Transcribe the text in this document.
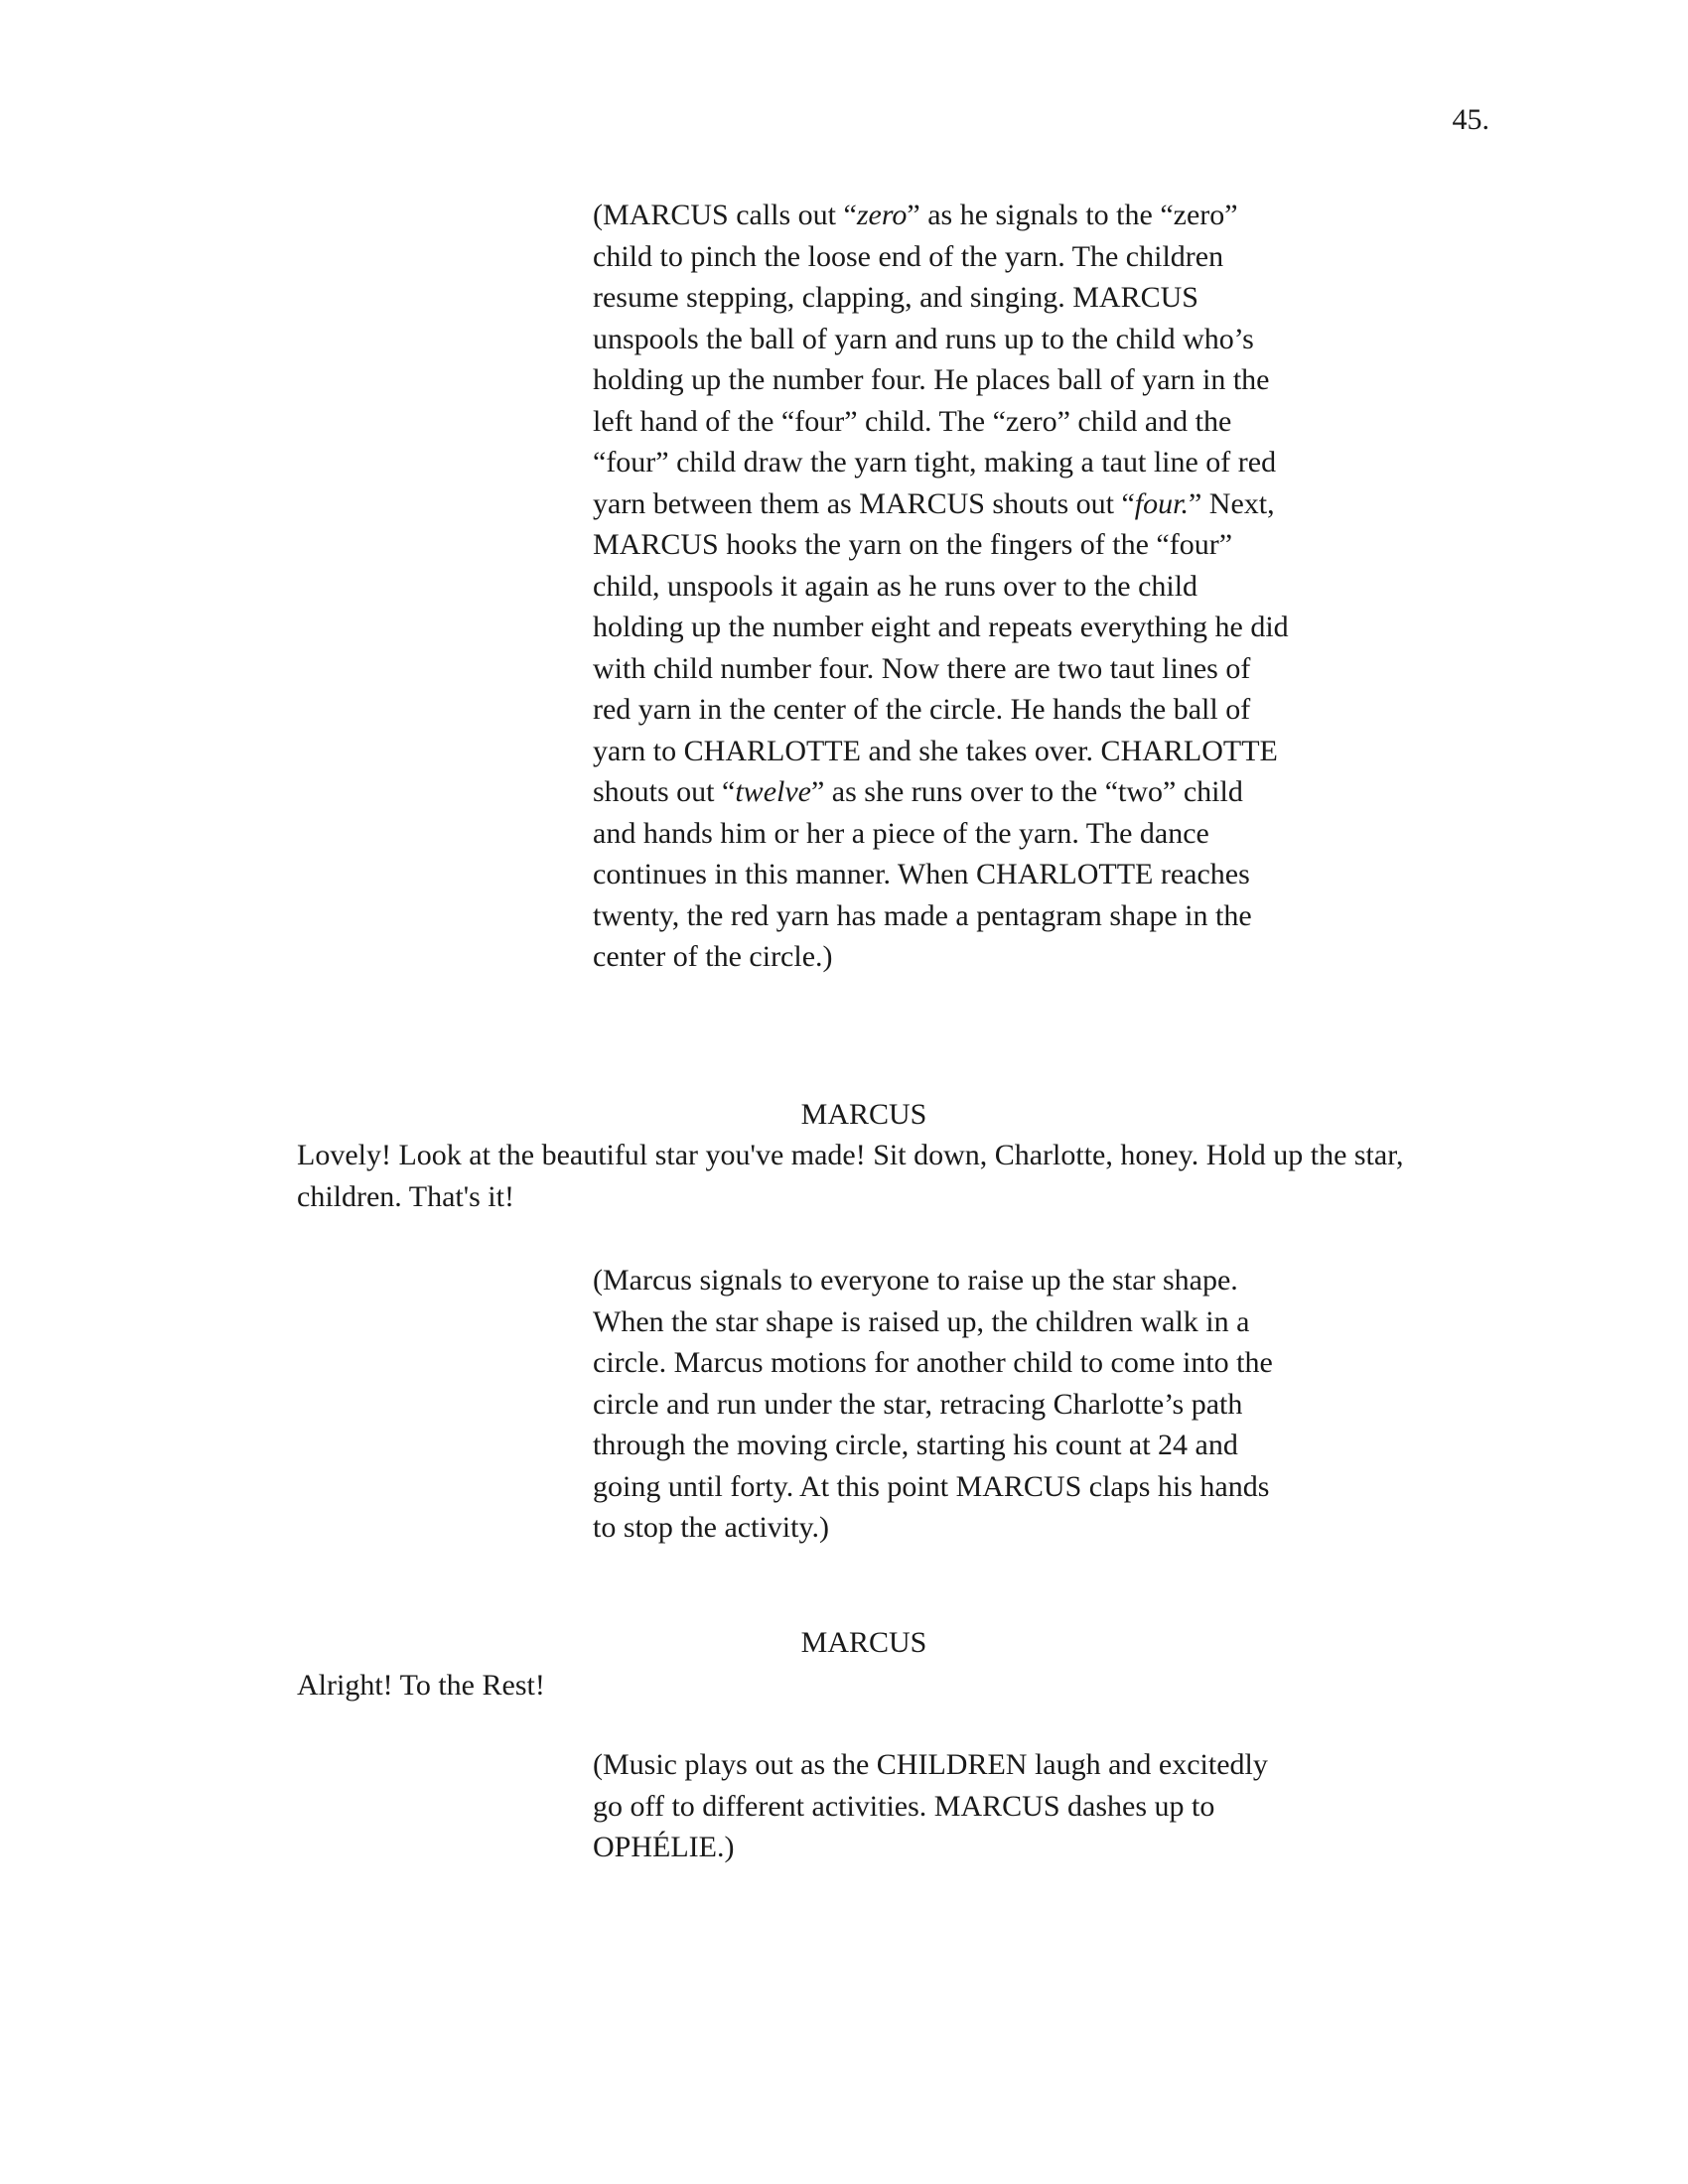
45.

(MARCUS calls out “zero” as he signals to the “zero” child to pinch the loose end of the yarn. The children resume stepping, clapping, and singing. MARCUS unspools the ball of yarn and runs up to the child who’s holding up the number four. He places ball of yarn in the left hand of the “four” child. The “zero” child and the “four” child draw the yarn tight, making a taut line of red yarn between them as MARCUS shouts out “four.” Next, MARCUS hooks the yarn on the fingers of the “four” child, unspools it again as he runs over to the child holding up the number eight and repeats everything he did with child number four. Now there are two taut lines of red yarn in the center of the circle. He hands the ball of yarn to CHARLOTTE and she takes over. CHARLOTTE shouts out “twelve” as she runs over to the “two” child and hands him or her a piece of the yarn. The dance continues in this manner. When CHARLOTTE reaches twenty, the red yarn has made a pentagram shape in the center of the circle.)

MARCUS

Lovely! Look at the beautiful star you've made! Sit down, Charlotte, honey. Hold up the star, children. That's it!

(Marcus signals to everyone to raise up the star shape. When the star shape is raised up, the children walk in a circle. Marcus motions for another child to come into the circle and run under the star, retracing Charlotte’s path through the moving circle, starting his count at 24 and going until forty. At this point MARCUS claps his hands to stop the activity.)

MARCUS

Alright! To the Rest!

(Music plays out as the CHILDREN laugh and excitedly go off to different activities. MARCUS dashes up to OPHÉLIE.)
